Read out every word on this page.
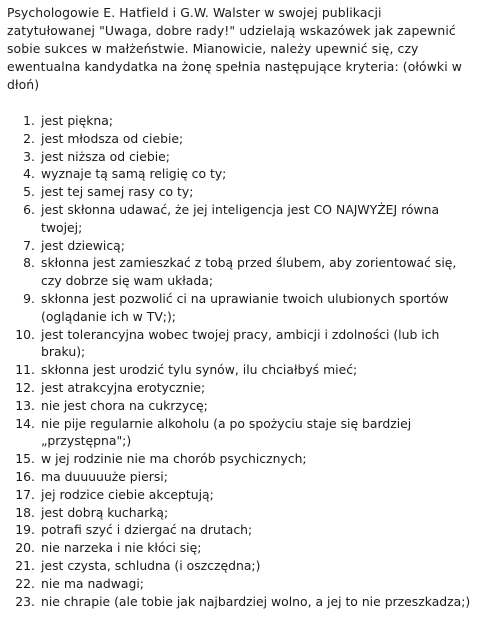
Psychologowie E. Hatfield i G.W. Walster w swojej publikacji zatytułowanej "Uwaga, dobre rady!" udzielają wskazówek jak zapewnić sobie sukces w małżeństwie. Mianowicie, należy upewnić się, czy ewentualna kandydatka na żonę spełnia następujące kryteria: (ołówki w dłoń)

1. jest piękna;
2. jest młodsza od ciebie;
3. jest niższa od ciebie;
4. wyznaje tą samą religię co ty;
5. jest tej samej rasy co ty;
6. jest skłonna udawać, że jej inteligencja jest CO NAJWYŻEJ równa twojej;
7. jest dziewicą;
8. skłonna jest zamieszkać z tobą przed ślubem, aby zorientować się, czy dobrze się wam układa;
9. skłonna jest pozwolić ci na uprawianie twoich ulubionych sportów (oglądanie ich w TV;);
10. jest tolerancyjna wobec twojej pracy, ambicji i zdolności (lub ich braku);
11. skłonna jest urodzić tylu synów, ilu chciałbyś mieć;
12. jest atrakcyjna erotycznie;
13. nie jest chora na cukrzycę;
14. nie pije regularnie alkoholu (a po spożyciu staje się bardziej „przystępna";)
15. w jej rodzinie nie ma chorób psychicznych;
16. ma duuuuuże piersi;
17. jej rodzice ciebie akceptują;
18. jest dobrą kucharką;
19. potrafi szyć i dziergać na drutach;
20. nie narzeka i nie kłóci się;
21. jest czysta, schludna (i oszczędna;)
22. nie ma nadwagi;
23. nie chrapie (ale tobie jak najbardziej wolno, a jej to nie przeszkadza;)
